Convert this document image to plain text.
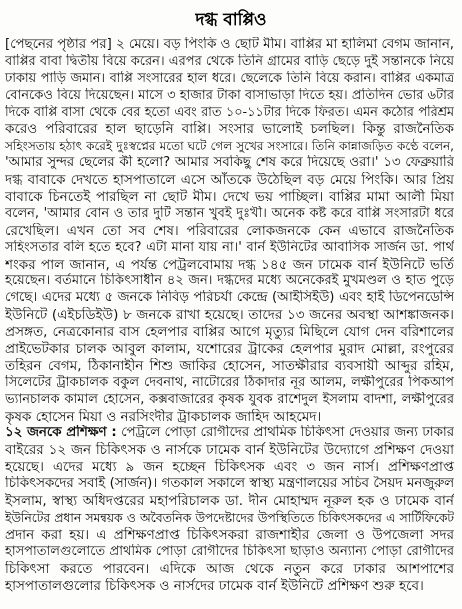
দগ্ধ বাপ্পিও
[পেছনের পৃষ্ঠার পর] ২ মেয়ে। বড় পিংকি ও ছোট মীম। বাপ্পির মা হালিমা বেগম জানান,
বাপ্পির বাবা দ্বিতীয় বিয়ে করেন। এরপর থেকে তিনি গ্রামের বাড়ি ছেড়ে দুই সন্তানকে নিয়ে
ঢাকায় পাড়ি জমান। বাপ্পি সংসারের হাল ধরে। ছেলেকে তিনি বিয়ে করান। বাপ্পির একমাত্র
বোনকেও বিয়ে দিয়েছেন। মাসে ৩ হাজার টাকা বাসাভাড়া দিতে হয়। প্রতিদিন ভোর ৬টার
দিকে বাপ্পি বাসা থেকে বের হতো এবং রাত ১০-১১টার দিকে ফিরত। এমন কঠোর পরিশ্রম
করেও পরিবারের হাল ছাড়েনি বাপ্পি। সংসার ভালোই চলছিল। কিন্তু রাজনৈতিক
সহিংসতায় হঠাৎ করেই দুঃস্বপ্নের মতো ঘটে গেল সুখের সংসারে। তিনি কান্নাজড়িত কণ্ঠে বলেন,
'আমার সুন্দর ছেলের কী হলো? আমার সবকিছু শেষ করে দিয়েছে ওরা।' ১৩ ফেব্রুয়ারি
দগ্ধ বাবাকে দেখতে হাসপাতালে এসে আঁতকে উঠেছিল বড় মেয়ে পিংকি। আর প্রিয়
বাবাকে চিনতেই পারছিল না ছোট মীম। দেখে ভয় পাচ্ছিল। বাপ্পির মামা আলী মিয়া
বলেন, 'আমার বোন ও তার দুটি সন্তান খুবই দুঃখী। অনেক কষ্ট করে বাপ্পি সংসারটা ধরে
রেখেছিল। এখন তো সব শেষ। পরিবারের লোকজনকে কেন এভাবে রাজনৈতিক
সহিংসতার বলি হতে হবে? এটা মানা যায় না।' বার্ন ইউনিটের আবাসিক সার্জন ডা. পার্থ
শংকর পাল জানান, এ পর্যন্ত পেট্রলবোমায় দগ্ধ ১৪৫ জন ঢামেক বার্ন ইউনিটে ভর্তি
হয়েছেন। বর্তমানে চিকিৎসাধীন ৪২ জন। দগ্ধদের মধ্যে অনেকেরই মুখমণ্ডল ও হাত পুড়ে
গেছে। এদের মধ্যে ৫ জনকে নিবিড় পরিচর্যা কেন্দ্রে (আইসিইউ) এবং হাই ডিপেনডেন্সি
ইউনিটে (এইচডিইউ) ৮ জনকে রাখা হয়েছে। তাদের ১৩ জনের অবস্থা আশঙ্কাজনক।
প্রসঙ্গত, নেত্রকোনার বাস হেলপার বাপ্পির আগে মৃত্যুর মিছিলে যোগ দেন বরিশালের
প্রাইভেটকার চালক আবুল কালাম, যশোরের ট্রাকের হেলপার মুরাদ মোল্লা, রংপুরের
তহিরন বেগম, ঠিকানাহীন শিশু জাকির হোসেন, সাতক্ষীরার ব্যবসায়ী আব্দুর রহিম,
সিলেটের ট্রাকচালক বকুল দেবনাথ, নাটোরের ঠিকাদার নূর আলম, লক্ষীপুরের পিকআপ
ভ্যানচালক কামাল হোসেন, কক্সবাজারের কৃষক যুবক রাশেদুল ইসলাম বাদশা, লক্ষীপুরের
কৃষক হোসেন মিয়া ও নরসিংদীর ট্রাকচালক জাহিদ আহমেদ।
১২ জনকে প্রশিক্ষণ : পেট্রলে পোড়া রোগীদের প্রাথমিক চিকিৎসা দেওয়ার জন্য ঢাকার
বাইরের ১২ জন চিকিৎসক ও নার্সকে ঢামেক বার্ন ইউনিটের উদ্যোগে প্রশিক্ষণ দেওয়া
হয়েছে। এদের মধ্যে ৯ জন হচ্ছেন চিকিৎসক এবং ৩ জন নার্স। প্রশিক্ষণপ্রাপ্ত
চিকিৎসকদের সবাই (সার্জন)। গতকাল সকালে স্বাস্থ্য মন্ত্রণালয়ের সচিব সৈয়দ মনজুরুল
ইসলাম, স্বাস্থ্য অধিদপ্তরের মহাপরিচালক ডা. দীন মোহাম্মদ নূরুল হক ও ঢামেক বার্ন
ইউনিটের প্রধান সমন্বয়ক ও অবৈতনিক উপদেষ্টাদের উপস্থিতিতে চিকিৎসকদের এ সার্টিফিকেট
প্রদান করা হয়। এ প্রশিক্ষণপ্রাপ্ত চিকিৎসকরা রাজশাহীর জেলা ও উপজেলা সদর
হাসপাতালগুলোতে প্রাথমিক পোড়া রোগীদের চিকিৎসা ছাড়াও অন্যান্য পোড়া রোগীদের
চিকিৎসা করতে পারবেন। এদিকে আজ থেকে নতুন করে ঢাকার আশপাশের
হাসপাতালগুলোর চিকিৎসক ও নার্সদের ঢামেক বার্ন ইউনিটে প্রশিক্ষণ শুরু হবে।
